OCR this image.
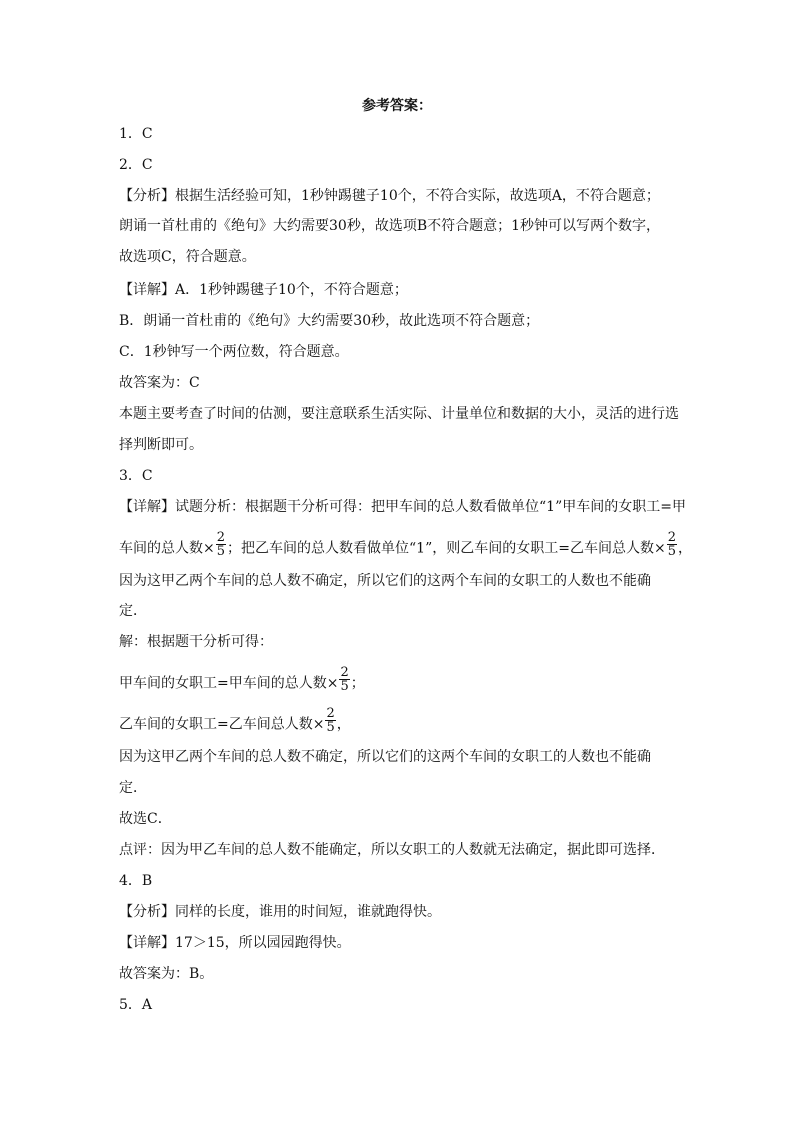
参考答案：
1．C
2．C
【分析】根据生活经验可知，1秒钟踢毽子10个，不符合实际，故选项A，不符合题意；
朗诵一首杜甫的《绝句》大约需要30秒，故选项B不符合题意；1秒钟可以写两个数字，
故选项C，符合题意。
【详解】A．1秒钟踢毽子10个，不符合题意；
B．朗诵一首杜甫的《绝句》大约需要30秒，故此选项不符合题意；
C．1秒钟写一个两位数，符合题意。
故答案为：C
本题主要考查了时间的估测，要注意联系生活实际、计量单位和数据的大小，灵活的进行选
择判断即可。
3．C
【详解】试题分析：根据题干分析可得：把甲车间的总人数看做单位“1”甲车间的女职工=甲
车间的总人数× $\frac{2}{5}$ ；把乙车间的总人数看做单位“1”，则乙车间的女职工=乙车间总人数× $\frac{2}{5}$ ，
因为这甲乙两个车间的总人数不确定，所以它们的这两个车间的女职工的人数也不能确
定．
解：根据题干分析可得：
甲车间的女职工=甲车间的总人数× $\frac{2}{5}$ ；
乙车间的女职工=乙车间总人数× $\frac{2}{5}$ ，
因为这甲乙两个车间的总人数不确定，所以它们的这两个车间的女职工的人数也不能确
定．
故选C．
点评：因为甲乙车间的总人数不能确定，所以女职工的人数就无法确定，据此即可选择．
4．B
【分析】同样的长度，谁用的时间短，谁就跑得快。
【详解】17＞15，所以园园跑得快。
故答案为：B。
5．A
